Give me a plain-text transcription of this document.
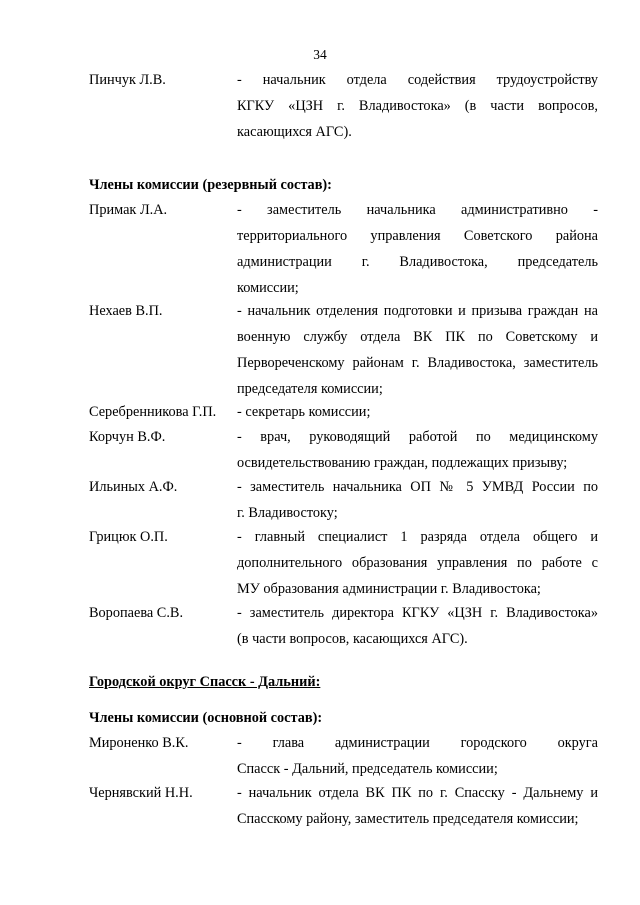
34
Пинчук Л.В.	- начальник отдела содействия трудоустройству
КГКУ «ЦЗН г. Владивостока» (в части вопросов,
касающихся АГС).
Члены комиссии (резервный состав):
Примак Л.А.	- заместитель начальника административно -
территориального управления Советского района
администрации г. Владивостока, председатель
комиссии;
Нехаев В.П.	- начальник отделения подготовки и призыва граждан на
военную службу отдела ВК ПК по Советскому и
Первореченскому районам г. Владивостока, заместитель
председателя комиссии;
Серебренникова Г.П. - секретарь комиссии;
Корчун В.Ф.	- врач, руководящий работой по медицинскому
освидетельствованию граждан, подлежащих призыву;
Ильиных А.Ф.	- заместитель начальника ОП № 5 УМВД России по
г. Владивостоку;
Грицюк О.П.	- главный специалист 1 разряда отдела общего и
дополнительного образования управления по работе с
МУ образования администрации г. Владивостока;
Воропаева С.В.	- заместитель директора КГКУ «ЦЗН г. Владивостока»
(в части вопросов, касающихся АГС).
Городской округ Спасск - Дальний:
Члены комиссии (основной состав):
Мироненко В.К.	- глава администрации городского округа
Спасск - Дальний, председатель комиссии;
Чернявский Н.Н.	- начальник отдела ВК ПК по г. Спасску - Дальнему и
Спасскому району, заместитель председателя комиссии;
